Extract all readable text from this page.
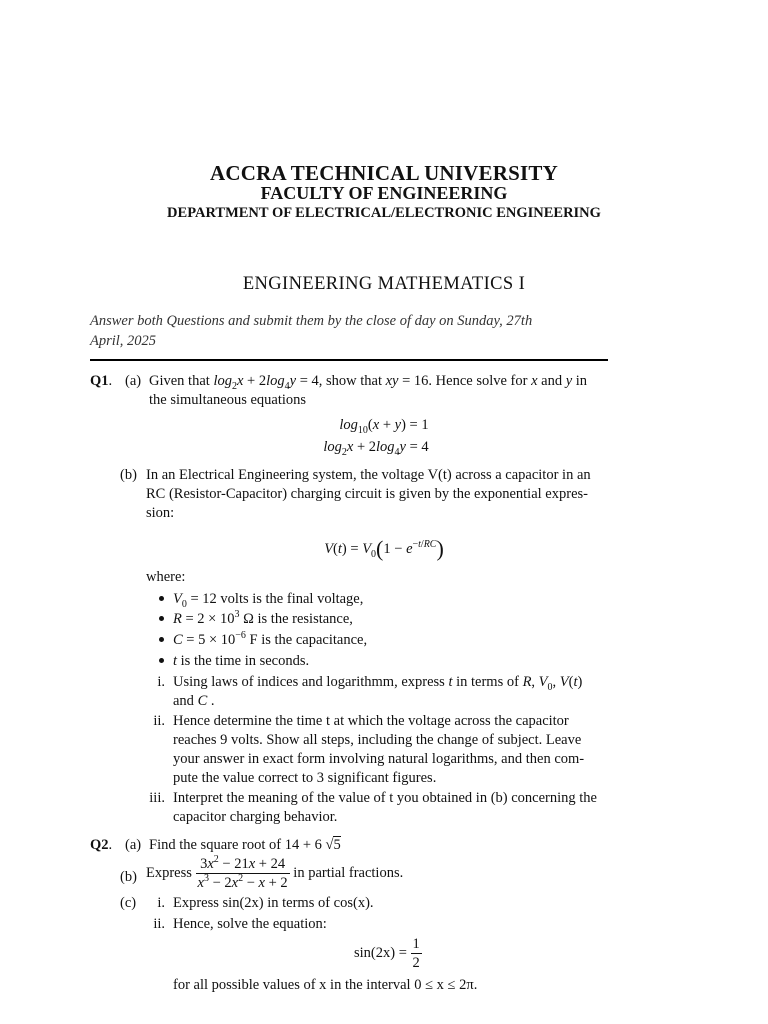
ACCRA TECHNICAL UNIVERSITY
FACULTY OF ENGINEERING
DEPARTMENT OF ELECTRICAL/ELECTRONIC ENGINEERING
ENGINEERING MATHEMATICS I
Answer both Questions and submit them by the close of day on Sunday, 27th
April, 2025
Q1. (a) Given that $\log_2x + 2\log_4y = 4$, show that xy = 16. Hence solve for x and y in
the simultaneous equations
$\log_{10}(x + y) = 1$
$\log_2x + 2\log_4y = 4$
(b) In an Electrical Engineering system, the voltage V(t) across a capacitor in an
RC (Resistor-Capacitor) charging circuit is given by the exponential expres-
sion:
$V(t) = V_0(1 - e^{-t/RC})$
where:
$V_0 = 12$ volts is the final voltage,
$R = 2 \times 10^3$ Ω is the resistance,
$C = 5 \times 10^{-6}$ F is the capacitance,
t is the time in seconds.
i. Using laws of indices and logarithmm, express t in terms of R, $V_0$, V(t)
and C .
ii. Hence determine the time t at which the voltage across the capacitor
reaches 9 volts. Show all steps, including the change of subject. Leave
your answer in exact form involving natural logarithms, and then com-
pute the value correct to 3 significant figures.
iii. Interpret the meaning of the value of t you obtained in (b) concerning the
capacitor charging behavior.
Q2. (a) Find the square root of 14 + 6 √5
(b) Express $\frac{3x^2 - 21x + 24}{x^3 - 2x^2 - x + 2}$ in partial fractions.
(c)	i. Express sin(2x) in terms of cos(x).
ii. Hence, solve the equation:
$\sin(2x) = \frac{1}{2}$
for all possible values of x in the interval 0 ≤ x ≤ 2π.
